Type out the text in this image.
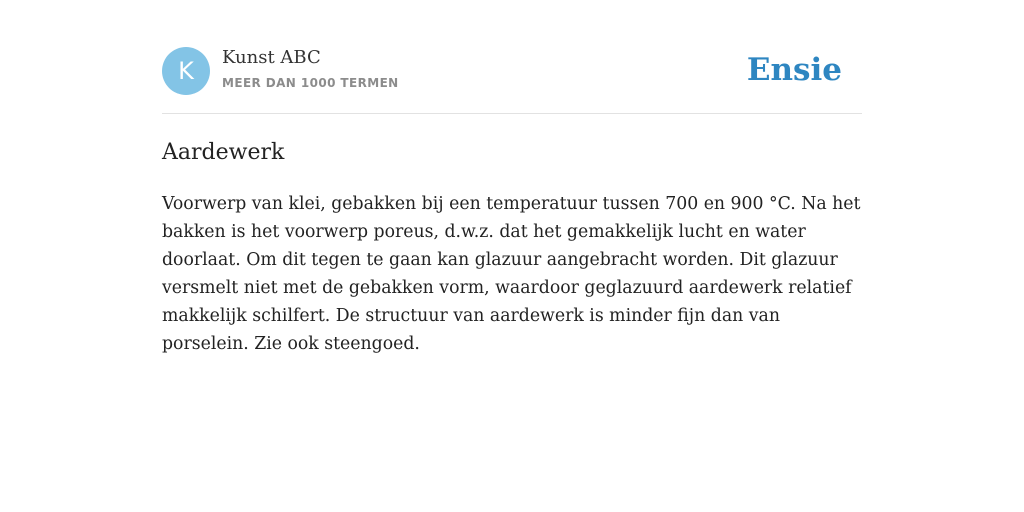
K	Kunst ABC
MEER DAN 1000 TERMEN	Ensie
Aardewerk

Voorwerp van klei, gebakken bij een temperatuur tussen 700 en 900 °C. Na het bakken is het voorwerp poreus, d.w.z. dat het gemakkelijk lucht en water doorlaat. Om dit tegen te gaan kan glazuur aangebracht worden. Dit glazuur versmelt niet met de gebakken vorm, waardoor geglazuurd aardewerk relatief makkelijk schilfert. De structuur van aardewerk is minder fijn dan van porselein. Zie ook steengoed.
